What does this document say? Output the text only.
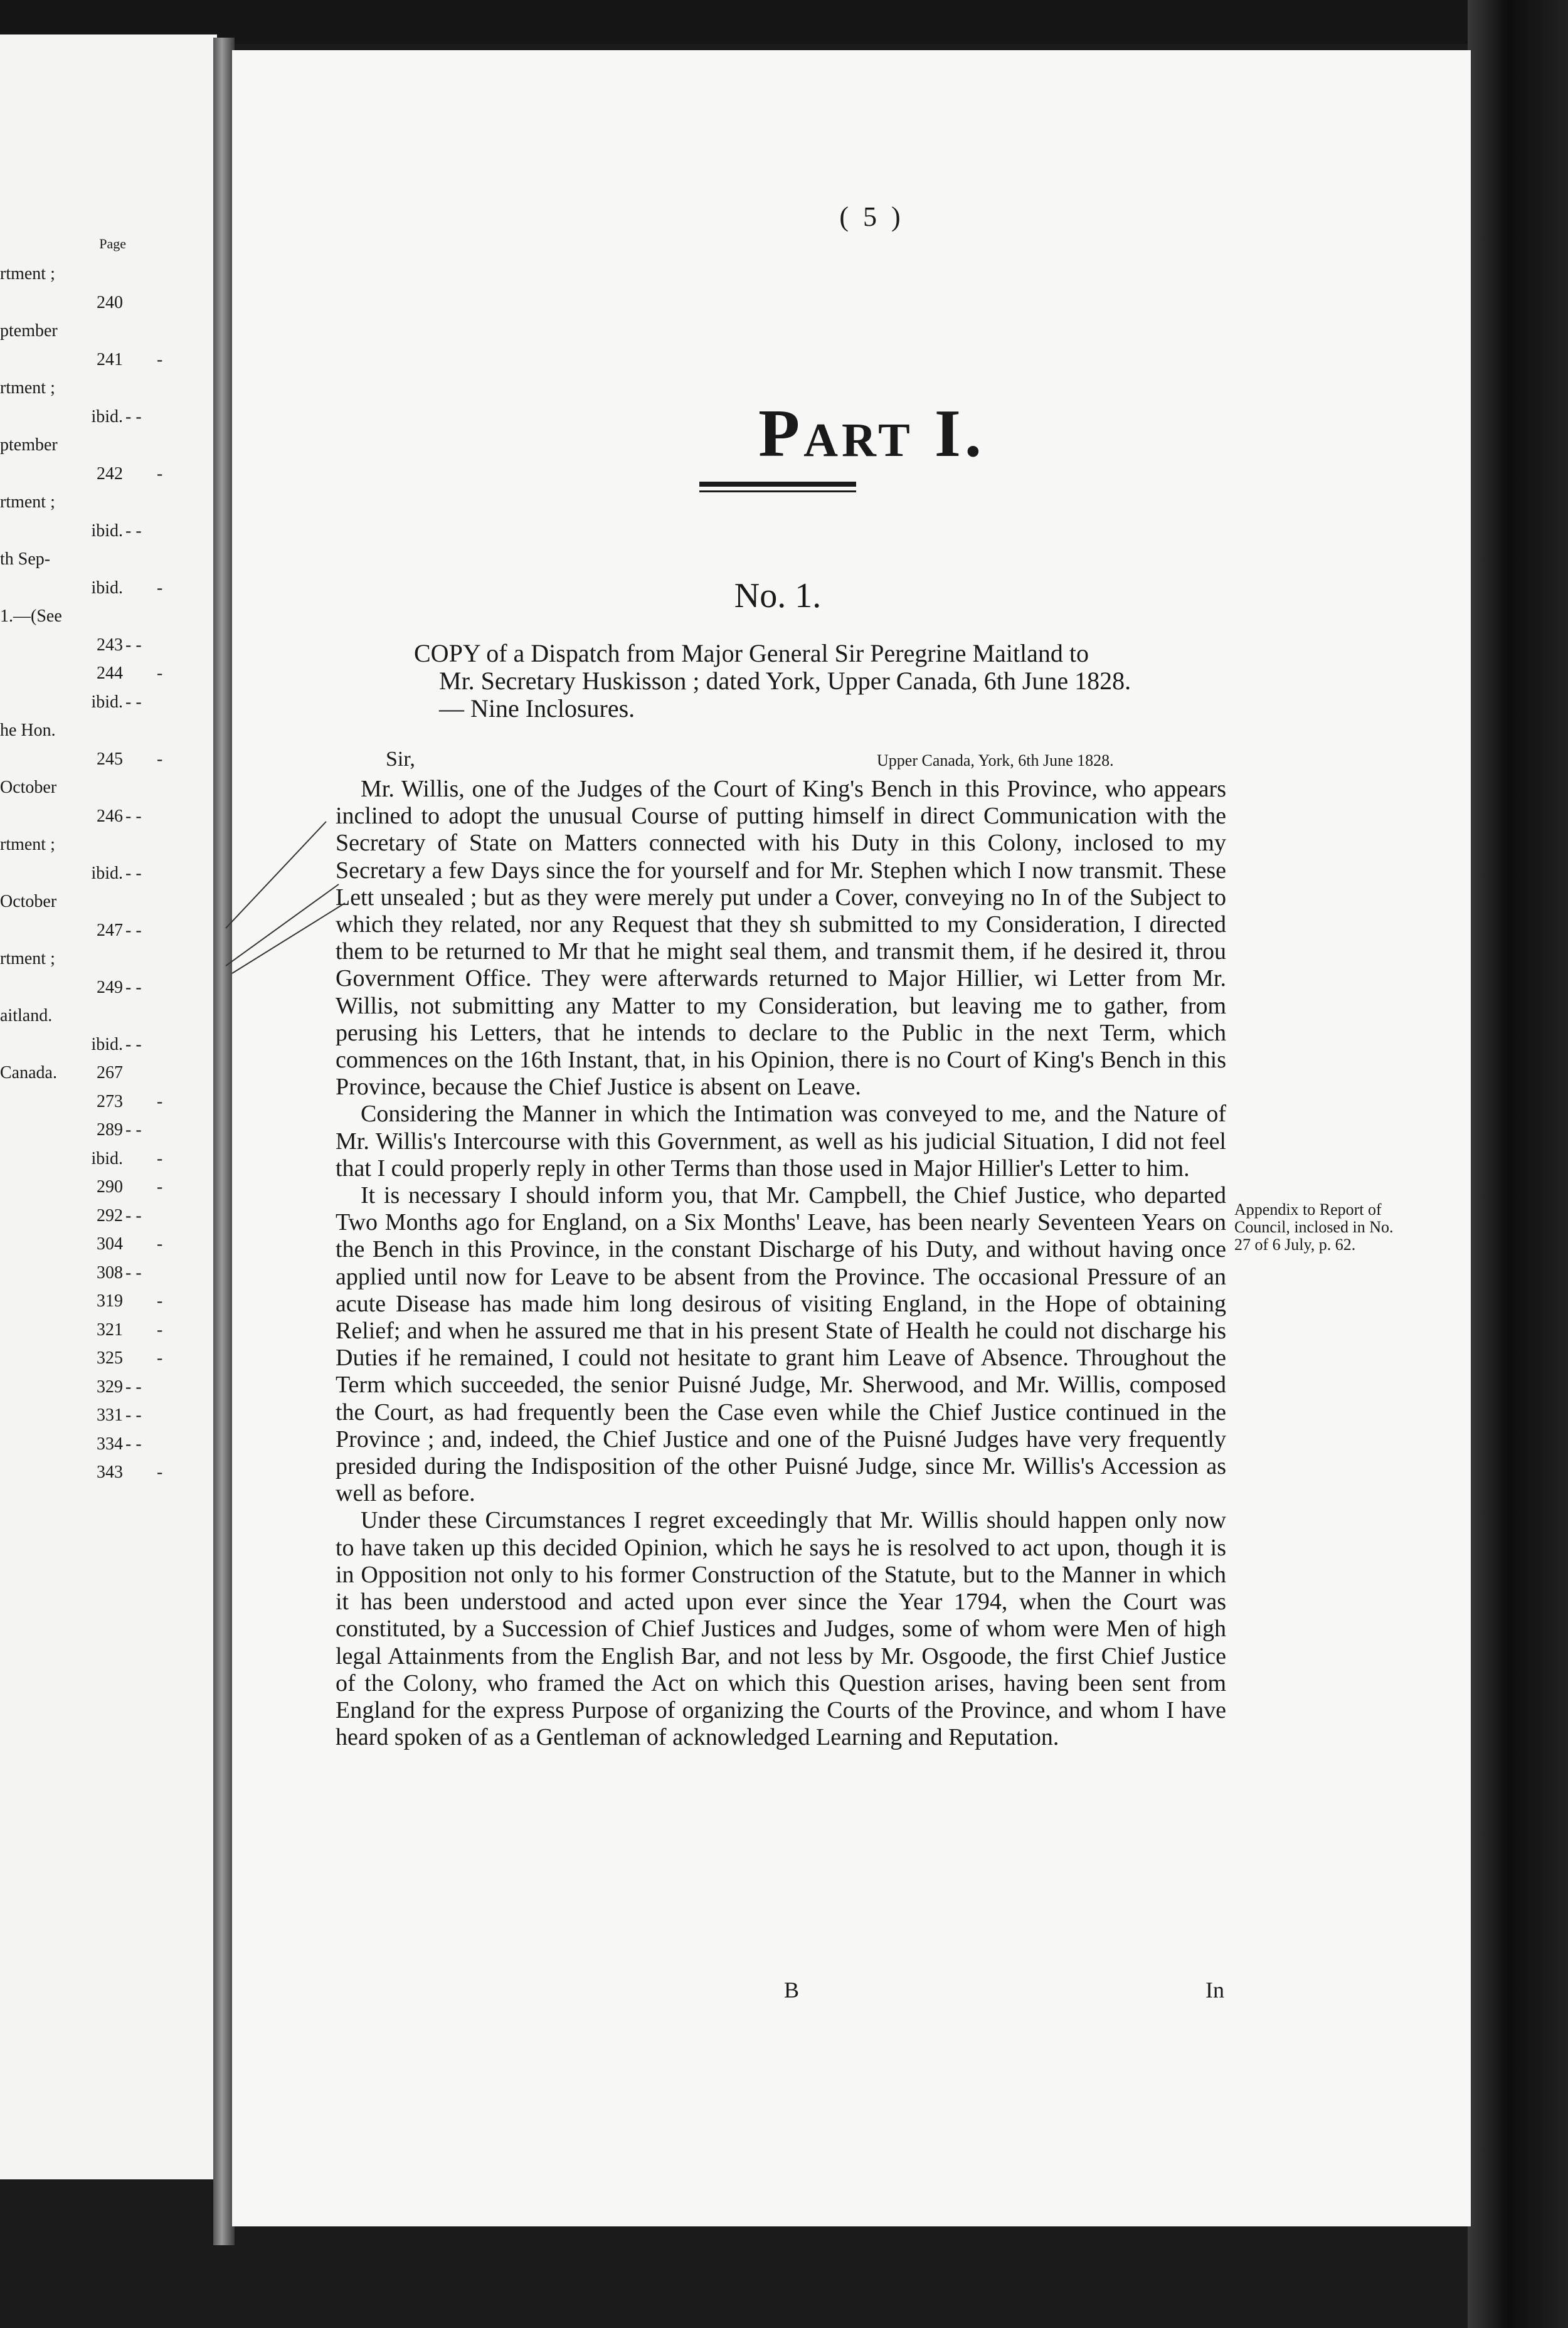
Page
rtment ;
240
ptember
-
241
rtment ;
- -
ibid.
ptember
-
242
rtment ;
- -
ibid.
th Sep-
-
ibid.
1.—(See
- -
243
-
244
- -
ibid.
he Hon.
-
245
October
- -
246
rtment ;
- -
ibid.
October
- -
247
rtment ;
- -
249
aitland.
- -
ibid.
Canada. 267
-
273
- -
289
-
ibid.
-
290
- -
292
-
304
- -
308
-
319
-
321
-
325
- -
329
- -
331
- -
334
-
343
( 5 )
Part I.
No. 1.
COPY of a Dispatch from Major General Sir Peregrine Maitland to
Mr. Secretary Huskisson ; dated York, Upper Canada, 6th June 1828.
— Nine Inclosures.
Sir,	Upper Canada, York, 6th June 1828.

Mr. Willis, one of the Judges of the Court of King's Bench in this Province, who appears inclined to adopt the unusual Course of putting himself in direct Communication with the Secretary of State on Matters connected with his Duty in this Colony, inclosed to my Secretary a few Days since the for yourself and for Mr. Stephen which I now transmit. These Lett unsealed ; but as they were merely put under a Cover, conveying no In of the Subject to which they related, nor any Request that they sh submitted to my Consideration, I directed them to be returned to Mr that he might seal them, and transmit them, if he desired it, throu Government Office. They were afterwards returned to Major Hillier, wi Letter from Mr. Willis, not submitting any Matter to my Consideration, but leaving me to gather, from perusing his Letters, that he intends to declare to the Public in the next Term, which commences on the 16th Instant, that, in his Opinion, there is no Court of King's Bench in this Province, because the Chief Justice is absent on Leave.

Considering the Manner in which the Intimation was conveyed to me, and the Nature of Mr. Willis's Intercourse with this Government, as well as his judicial Situation, I did not feel that I could properly reply in other Terms than those used in Major Hillier's Letter to him.

It is necessary I should inform you, that Mr. Campbell, the Chief Justice, who departed Two Months ago for England, on a Six Months' Leave, has been nearly Seventeen Years on the Bench in this Province, in the constant Discharge of his Duty, and without having once applied until now for Leave to be absent from the Province. The occasional Pressure of an acute Disease has made him long desirous of visiting England, in the Hope of obtaining Relief; and when he assured me that in his present State of Health he could not discharge his Duties if he remained, I could not hesitate to grant him Leave of Absence. Throughout the Term which succeeded, the senior Puisné Judge, Mr. Sherwood, and Mr. Willis, composed the Court, as had frequently been the Case even while the Chief Justice continued in the Province ; and, indeed, the Chief Justice and one of the Puisné Judges have very frequently presided during the Indisposition of the other Puisné Judge, since Mr. Willis's Accession as well as before.

Under these Circumstances I regret exceedingly that Mr. Willis should happen only now to have taken up this decided Opinion, which he says he is resolved to act upon, though it is in Opposition not only to his former Construction of the Statute, but to the Manner in which it has been understood and acted upon ever since the Year 1794, when the Court was constituted, by a Succession of Chief Justices and Judges, some of whom were Men of high legal Attainments from the English Bar, and not less by Mr. Osgoode, the first Chief Justice of the Colony, who framed the Act on which this Question arises, having been sent from England for the express Purpose of organizing the Courts of the Province, and whom I have heard spoken of as a Gentleman of acknowledged Learning and Reputation.

Appendix to Report of Council, inclosed in No. 27 of 6 July, p. 62.
B	In
